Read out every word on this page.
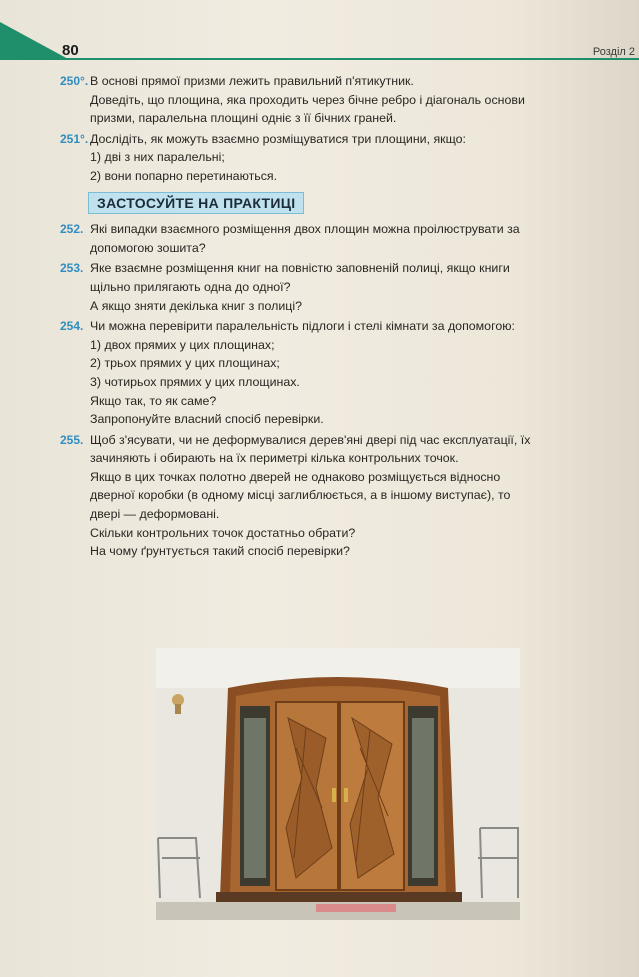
80	Розділ 2
250°. В основі прямої призми лежить правильний п'ятикутник.
Доведіть, що площина, яка проходить через бічне ребро і діагональ основи
призми, паралельна площині одніє з її бічних граней.
251°. Дослідіть, як можуть взаємно розміщуватися три площини, якщо:
1) дві з них паралельні;
2) вони попарно перетинаються.
ЗАСТОСУЙТЕ НА ПРАКТИЦІ
252. Які випадки взаємного розміщення двох площин можна проілюструвати за
допомогою зошита?
253. Яке взаємне розміщення книг на повністю заповненій полиці, якщо книги
щільно прилягають одна до одної?
А якщо зняти декілька книг з полиці?
254. Чи можна перевірити паралельність підлоги і стелі кімнати за допомогою:
1) двох прямих у цих площинах;
2) трьох прямих у цих площинах;
3) чотирьох прямих у цих площинах.
Якщо так, то як саме?
Запропонуйте власний спосіб перевірки.
255. Щоб з'ясувати, чи не деформувалися дерев'яні двері під час експлуатації, їх
зачиняють і обирають на їх периметрі кілька контрольних точок.
Якщо в цих точках полотно дверей не однаково розміщується відносно
дверної коробки (в одному місці заглиблюється, а в іншому виступає), то
двері — деформовані.
Скільки контрольних точок достатньо обрати?
На чому ґрунтується такий спосіб перевірки?
